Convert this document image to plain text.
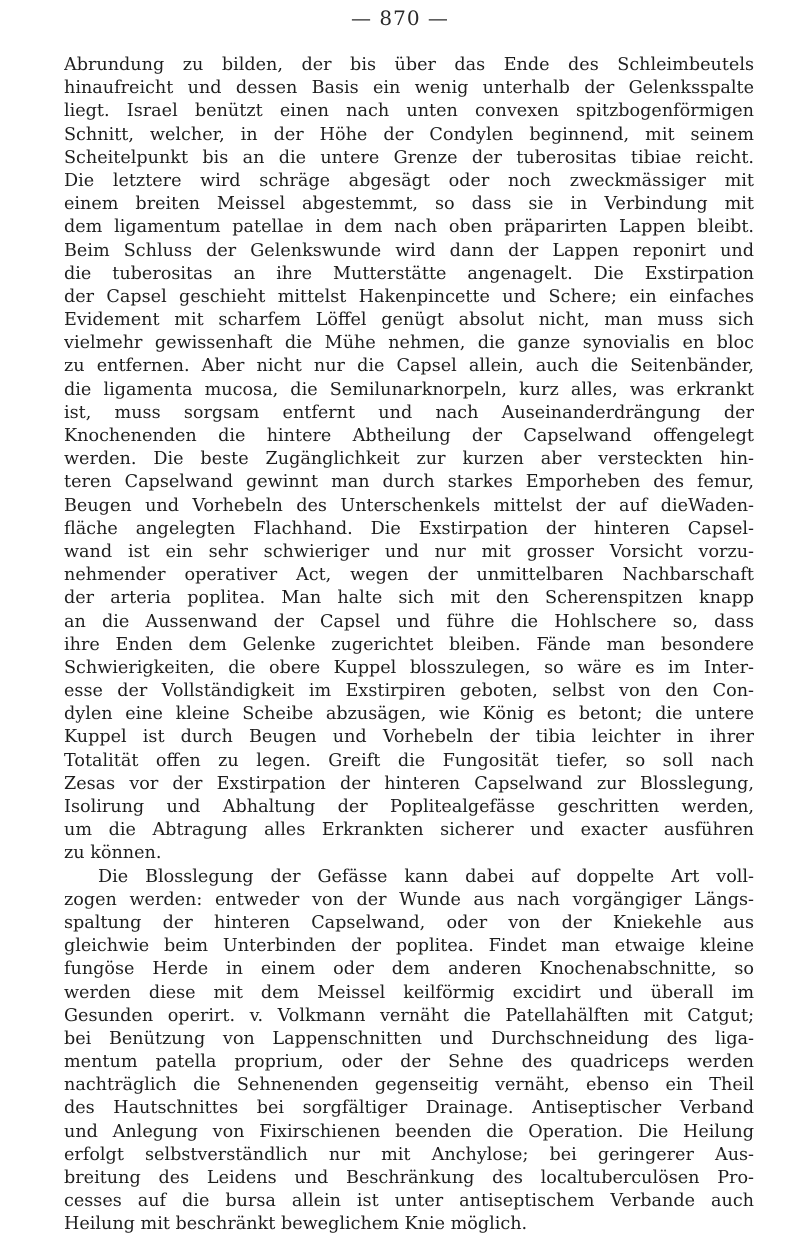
— 870 —
Abrundung zu bilden, der bis über das Ende des Schleimbeutels
hinaufreicht und dessen Basis ein wenig unterhalb der Gelenksspalte
liegt. Israel benützt einen nach unten convexen spitzbogenförmigen
Schnitt, welcher, in der Höhe der Condylen beginnend, mit seinem
Scheitelpunkt bis an die untere Grenze der tuberositas tibiae reicht.
Die letztere wird schräge abgesägt oder noch zweckmässiger mit
einem breiten Meissel abgestemmt, so dass sie in Verbindung mit
dem ligamentum patellae in dem nach oben präparirten Lappen bleibt.
Beim Schluss der Gelenkswunde wird dann der Lappen reponirt und
die tuberositas an ihre Mutterstätte angenagelt. Die Exstirpation
der Capsel geschieht mittelst Hakenpincette und Schere; ein einfaches
Evidement mit scharfem Löffel genügt absolut nicht, man muss sich
vielmehr gewissenhaft die Mühe nehmen, die ganze synovialis en bloc
zu entfernen. Aber nicht nur die Capsel allein, auch die Seitenbänder,
die ligamenta mucosa, die Semilunarknorpeln, kurz alles, was erkrankt
ist, muss sorgsam entfernt und nach Auseinanderdrängung der
Knochenenden die hintere Abtheilung der Capselwand offengelegt
werden. Die beste Zugänglichkeit zur kurzen aber versteckten hin-
teren Capselwand gewinnt man durch starkes Emporheben des femur,
Beugen und Vorhebeln des Unterschenkels mittelst der auf dieWaden-
fläche angelegten Flachhand. Die Exstirpation der hinteren Capsel-
wand ist ein sehr schwieriger und nur mit grosser Vorsicht vorzu-
nehmender operativer Act, wegen der unmittelbaren Nachbarschaft
der arteria poplitea. Man halte sich mit den Scherenspitzen knapp
an die Aussenwand der Capsel und führe die Hohlschere so, dass
ihre Enden dem Gelenke zugerichtet bleiben. Fände man besondere
Schwierigkeiten, die obere Kuppel blosszulegen, so wäre es im Inter-
esse der Vollständigkeit im Exstirpiren geboten, selbst von den Con-
dylen eine kleine Scheibe abzusägen, wie König es betont; die untere
Kuppel ist durch Beugen und Vorhebeln der tibia leichter in ihrer
Totalität offen zu legen. Greift die Fungosität tiefer, so soll nach
Zesas vor der Exstirpation der hinteren Capselwand zur Blosslegung,
Isolirung und Abhaltung der Poplitealgefässe geschritten werden,
um die Abtragung alles Erkrankten sicherer und exacter ausführen
zu können.
Die Blosslegung der Gefässe kann dabei auf doppelte Art voll-
zogen werden: entweder von der Wunde aus nach vorgängiger Längs-
spaltung der hinteren Capselwand, oder von der Kniekehle aus
gleichwie beim Unterbinden der poplitea. Findet man etwaige kleine
fungöse Herde in einem oder dem anderen Knochenabschnitte, so
werden diese mit dem Meissel keilförmig excidirt und überall im
Gesunden operirt. v. Volkmann vernäht die Patellahälften mit Catgut;
bei Benützung von Lappenschnitten und Durchschneidung des liga-
mentum patella proprium, oder der Sehne des quadriceps werden
nachträglich die Sehnenenden gegenseitig vernäht, ebenso ein Theil
des Hautschnittes bei sorgfältiger Drainage. Antiseptischer Verband
und Anlegung von Fixirschienen beenden die Operation. Die Heilung
erfolgt selbstverständlich nur mit Anchylose; bei geringerer Aus-
breitung des Leidens und Beschränkung des localtuberculösen Pro-
cesses auf die bursa allein ist unter antiseptischem Verbande auch
Heilung mit beschränkt beweglichem Knie möglich.
